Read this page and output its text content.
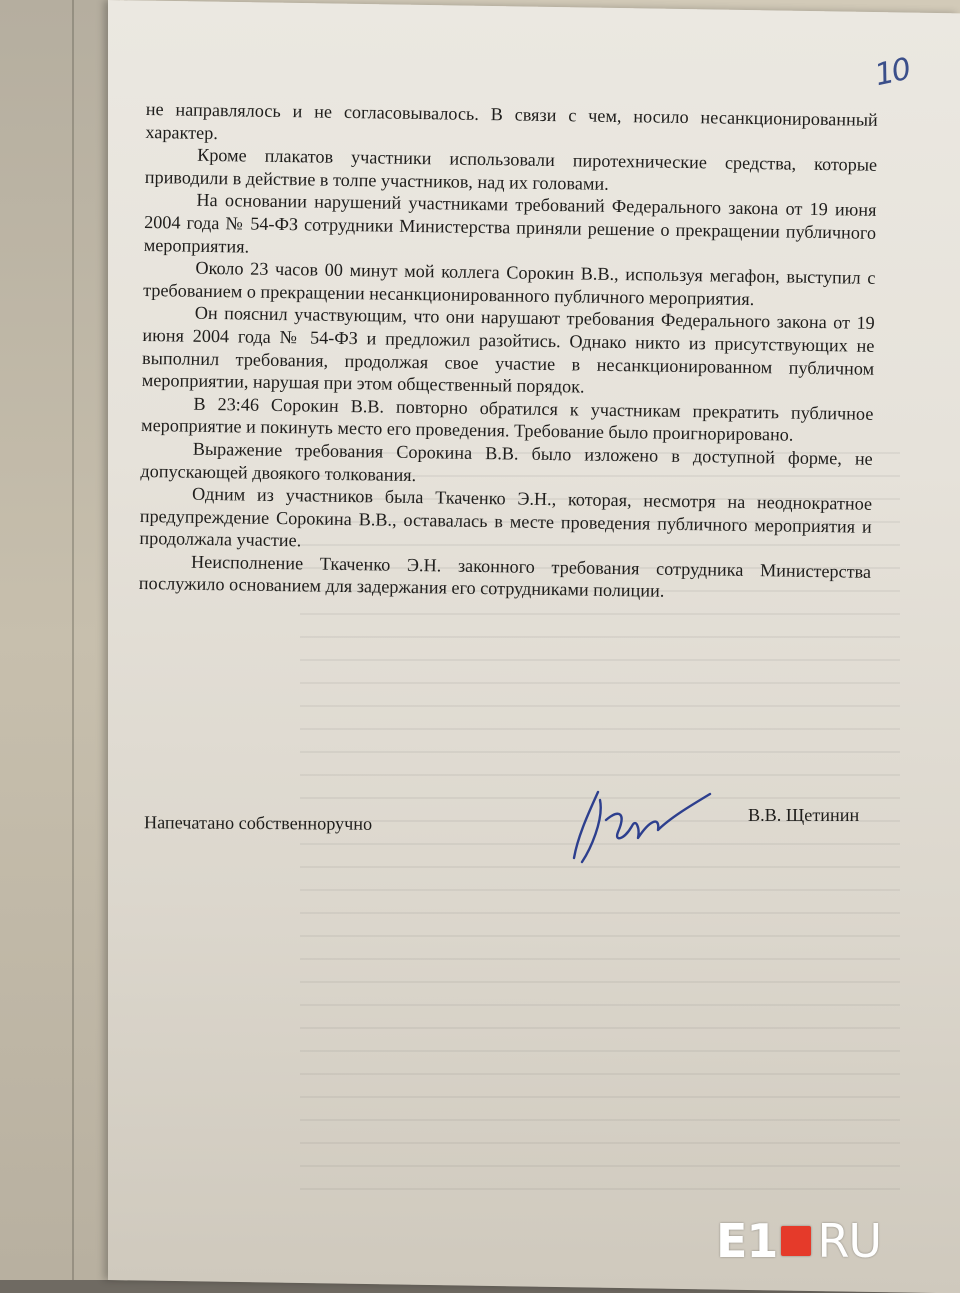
10

не направлялось и не согласовывалось. В связи с чем, носило несанкционированный характер.

Кроме плакатов участники использовали пиротехнические средства, которые приводили в действие в толпе участников, над их головами.

На основании нарушений участниками требований Федерального закона от 19 июня 2004 года № 54-ФЗ сотрудники Министерства приняли решение о прекращении публичного мероприятия.

Около 23 часов 00 минут мой коллега Сорокин В.В., используя мегафон, выступил с требованием о прекращении несанкционированного публичного мероприятия.

Он пояснил участвующим, что они нарушают требования Федерального закона от 19 июня 2004 года № 54-ФЗ и предложил разойтись. Однако никто из присутствующих не выполнил требования, продолжая свое участие в несанкционированном публичном мероприятии, нарушая при этом общественный порядок.

В 23:46 Сорокин В.В. повторно обратился к участникам прекратить публичное мероприятие и покинуть место его проведения. Требование было проигнорировано.

Выражение требования Сорокина В.В. было изложено в доступной форме, не допускающей двоякого толкования.

Одним из участников была Ткаченко Э.Н., которая, несмотря на неоднократное предупреждение Сорокина В.В., оставалась в месте проведения публичного мероприятия и продолжала участие.

Неисполнение Ткаченко Э.Н. законного требования сотрудника Министерства послужило основанием для задержания его сотрудниками полиции.

Напечатано собственноручно	В.В. Щетинин
E1 RU
